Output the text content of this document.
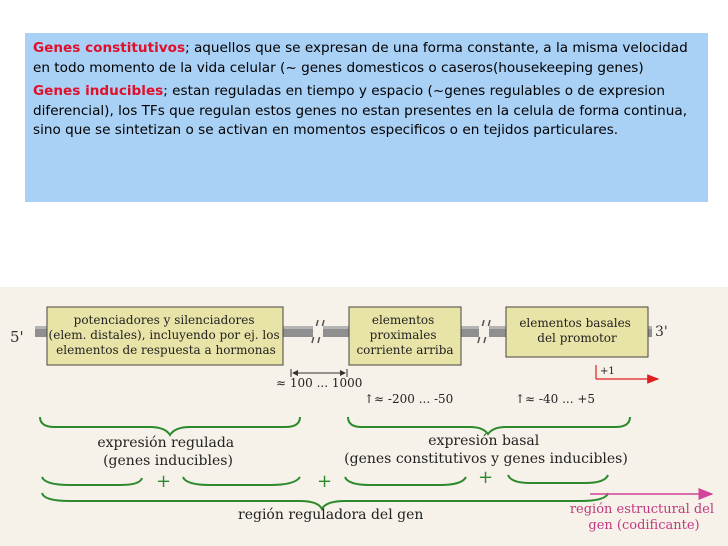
Genes constitutivos; aquellos que se expresan de una forma constante, a la misma velocidad en todo momento de la vida celular (~ genes domesticos o caseros(housekeeping genes)

Genes inducibles; estan reguladas en tiempo y espacio (~genes regulables o de expresion diferencial), los TFs que regulan estos genes no estan presentes en la celula de forma continua, sino que se sintetizan o se activan en momentos especificos o en tejidos particulares.

5'	3'
potenciadores y silenciadores (elem. distales), incluyendo por ej. los elementos de respuesta a hormonas
elementos proximales corriente arriba
elementos basales del promotor
≈ 100 ... 1000
↑≈ -200 ... -50	↑≈ -40 ... +5
+1
expresión regulada (genes inducibles)
expresión basal (genes constitutivos y genes inducibles)
+	+	+
región reguladora del gen	región estructural del gen (codificante)
